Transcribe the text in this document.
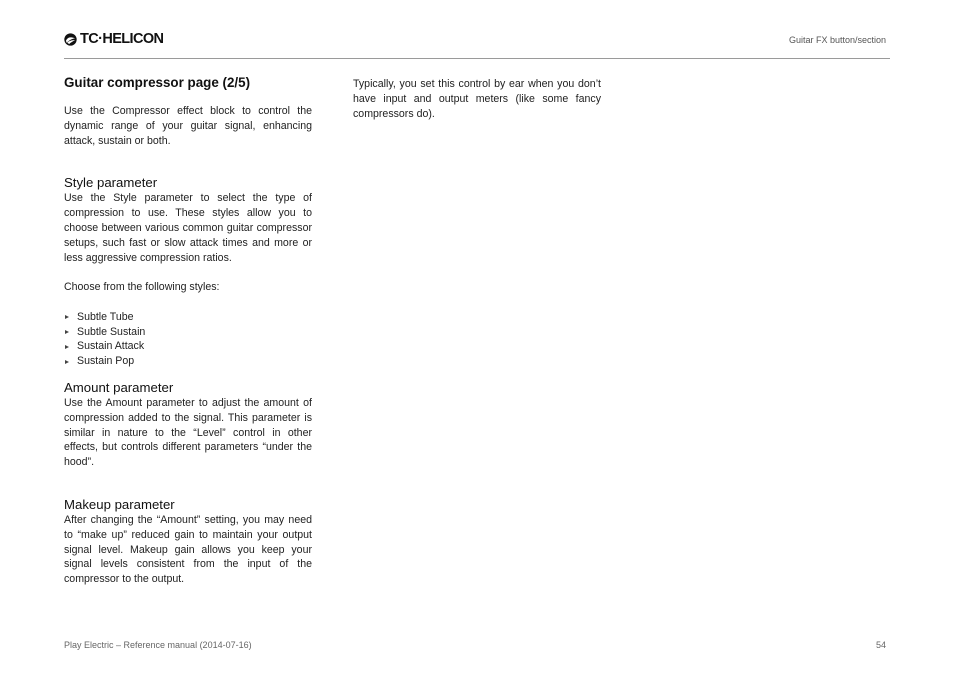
TC·HELICON	Guitar FX button/section
Guitar compressor page (2/5)

Use the Compressor effect block to control the dynamic range of your guitar signal, enhancing attack, sustain or both.

Style parameter

Use the Style parameter to select the type of compression to use. These styles allow you to choose between various common guitar compressor setups, such fast or slow attack times and more or less aggressive compression ratios.

Choose from the following styles:

Subtle Tube
Subtle Sustain
Sustain Attack
Sustain Pop
Amount parameter

Use the Amount parameter to adjust the amount of compression added to the signal. This parameter is similar in nature to the “Level” control in other effects, but controls different parameters “under the hood”.

Makeup parameter

After changing the “Amount” setting, you may need to “make up” reduced gain to maintain your output signal level. Makeup gain allows you keep your signal levels consistent from the input of the compressor to the output.

Typically, you set this control by ear when you don’t have input and output meters (like some fancy compressors do).

Play Electric – Reference manual (2014-07-16)	54
